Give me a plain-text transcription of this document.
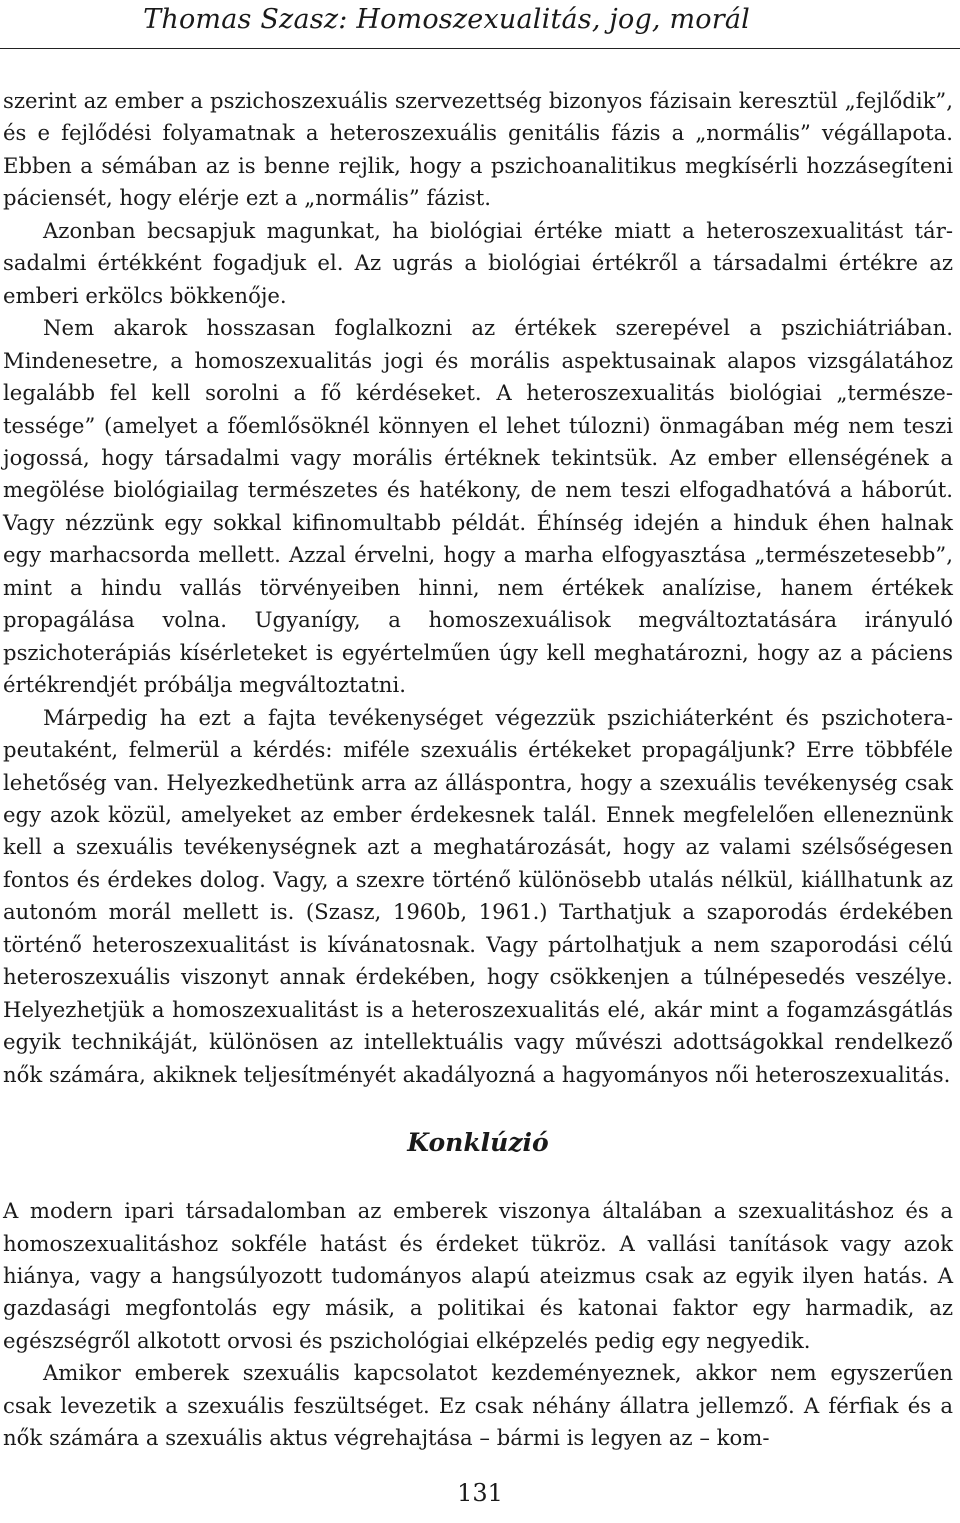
Thomas Szasz: Homoszexualitás, jog, morál

szerint az ember a pszichoszexuális szervezettség bizonyos fázisain keresztül „fejlődik”, és e fejlődési folyamatnak a heteroszexuális genitális fázis a „normális” végállapota. Ebben a sémában az is benne rejlik, hogy a pszichoanalitikus megkísérli hozzásegíteni páciensét, hogy elérje ezt a „normális” fázist.

Azonban becsapjuk magunkat, ha biológiai értéke miatt a heteroszexualitást társadalmi értékként fogadjuk el. Az ugrás a biológiai értékről a társadalmi értékre az emberi erkölcs bökkenője.

Nem akarok hosszasan foglalkozni az értékek szerepével a pszichiátriában. Mindenesetre, a homoszexualitás jogi és morális aspektusainak alapos vizsgálatához legalább fel kell sorolni a fő kérdéseket. A heteroszexualitás biológiai „természetessége” (amelyet a főemlősöknél könnyen el lehet túlozni) önmagában még nem teszi jogossá, hogy társadalmi vagy morális értéknek tekintsük. Az ember ellenségének a megölése biológiailag természetes és hatékony, de nem teszi elfogadhatóvá a háborút. Vagy nézzünk egy sokkal kifinomultabb példát. Éhínség idején a hinduk éhen halnak egy marhacsorda mellett. Azzal érvelni, hogy a marha elfogyasztása „természetesebb”, mint a hindu vallás törvényeiben hinni, nem értékek analízise, hanem értékek propagálása volna. Ugyanígy, a homoszexuálisok megváltoztatására irányuló pszichoterápiás kísérleteket is egyértelműen úgy kell meghatározni, hogy az a páciens értékrendjét próbálja megváltoztatni.

Márpedig ha ezt a fajta tevékenységet végezzük pszichiáterként és pszichoterapeutaként, felmerül a kérdés: miféle szexuális értékeket propagáljunk? Erre többféle lehetőség van. Helyezkedhetünk arra az álláspontra, hogy a szexuális tevékenység csak egy azok közül, amelyeket az ember érdekesnek talál. Ennek megfelelően elleneznünk kell a szexuális tevékenységnek azt a meghatározását, hogy az valami szélsőségesen fontos és érdekes dolog. Vagy, a szexre történő különösebb utalás nélkül, kiállhatunk az autonóm morál mellett is. (Szasz, 1960b, 1961.) Tarthatjuk a szaporodás érdekében történő heteroszexualitást is kívánatosnak. Vagy pártolhatjuk a nem szaporodási célú heteroszexuális viszonyt annak érdekében, hogy csökkenjen a túlnépesedés veszélye. Helyezhetjük a homoszexualitást is a heteroszexualitás elé, akár mint a fogamzásgátlás egyik technikáját, különösen az intellektuális vagy művészi adottságokkal rendelkező nők számára, akiknek teljesítményét akadályozná a hagyományos női heteroszexualitás.

Konklúzió

A modern ipari társadalomban az emberek viszonya általában a szexualitáshoz és a homoszexualitáshoz sokféle hatást és érdeket tükröz. A vallási tanítások vagy azok hiánya, vagy a hangsúlyozott tudományos alapú ateizmus csak az egyik ilyen hatás. A gazdasági megfontolás egy másik, a politikai és katonai faktor egy harmadik, az egészségről alkotott orvosi és pszichológiai elképzelés pedig egy negyedik.

Amikor emberek szexuális kapcsolatot kezdeményeznek, akkor nem egyszerűen csak levezetik a szexuális feszültséget. Ez csak néhány állatra jellemző. A férfiak és a nők számára a szexuális aktus végrehajtása – bármi is legyen az – kom-

131
